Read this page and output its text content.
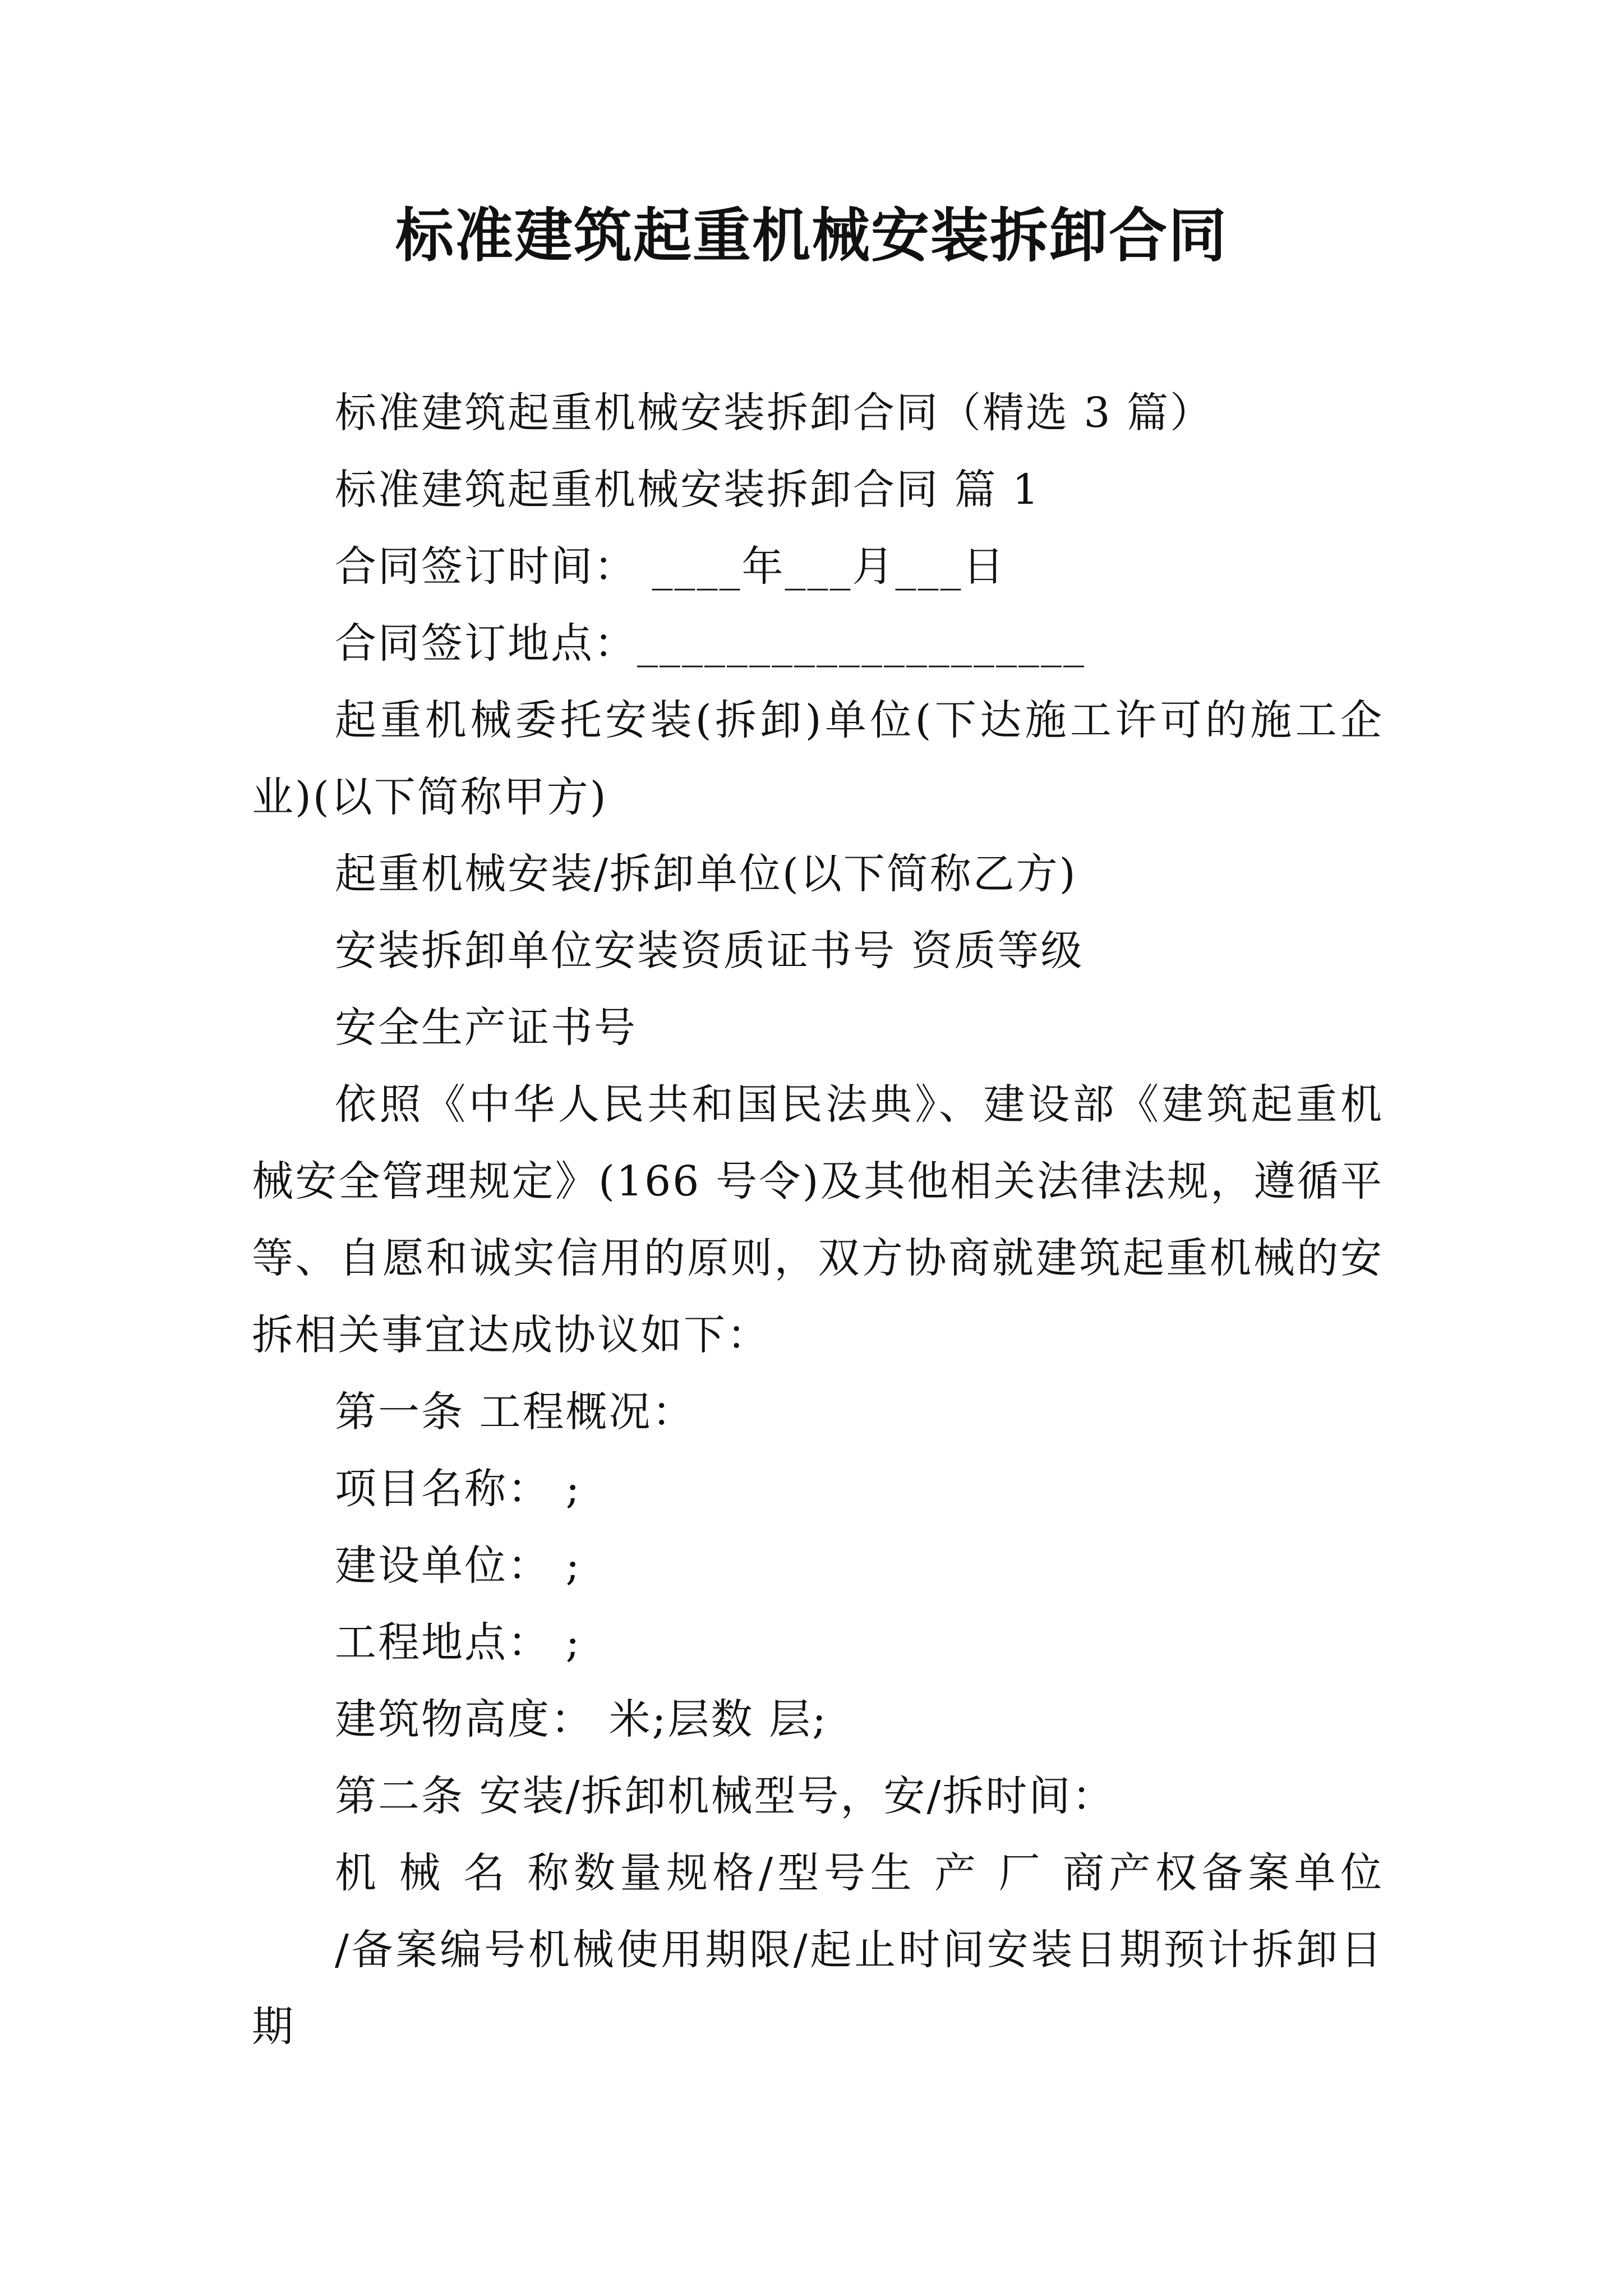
标准建筑起重机械安装拆卸合同

标准建筑起重机械安装拆卸合同（精选 3 篇）

标准建筑起重机械安装拆卸合同 篇 1

合同签订时间： ____年___月___日

合同签订地点：____________________

起重机械委托安装(拆卸)单位(下达施工许可的施工企业)(以下简称甲方)

起重机械安装/拆卸单位(以下简称乙方)

安装拆卸单位安装资质证书号 资质等级

安全生产证书号

依照《中华人民共和国民法典》、建设部《建筑起重机械安全管理规定》(166 号令)及其他相关法律法规，遵循平等、自愿和诚实信用的原则，双方协商就建筑起重机械的安拆相关事宜达成协议如下：

第一条 工程概况：

项目名称： ;

建设单位： ;

工程地点： ;

建筑物高度： 米;层数 层;

第二条 安装/拆卸机械型号，安/拆时间：

机 械 名 称数量规格/型号生 产 厂 商产权备案单位

/备案编号机械使用期限/起止时间安装日期预计拆卸日期
